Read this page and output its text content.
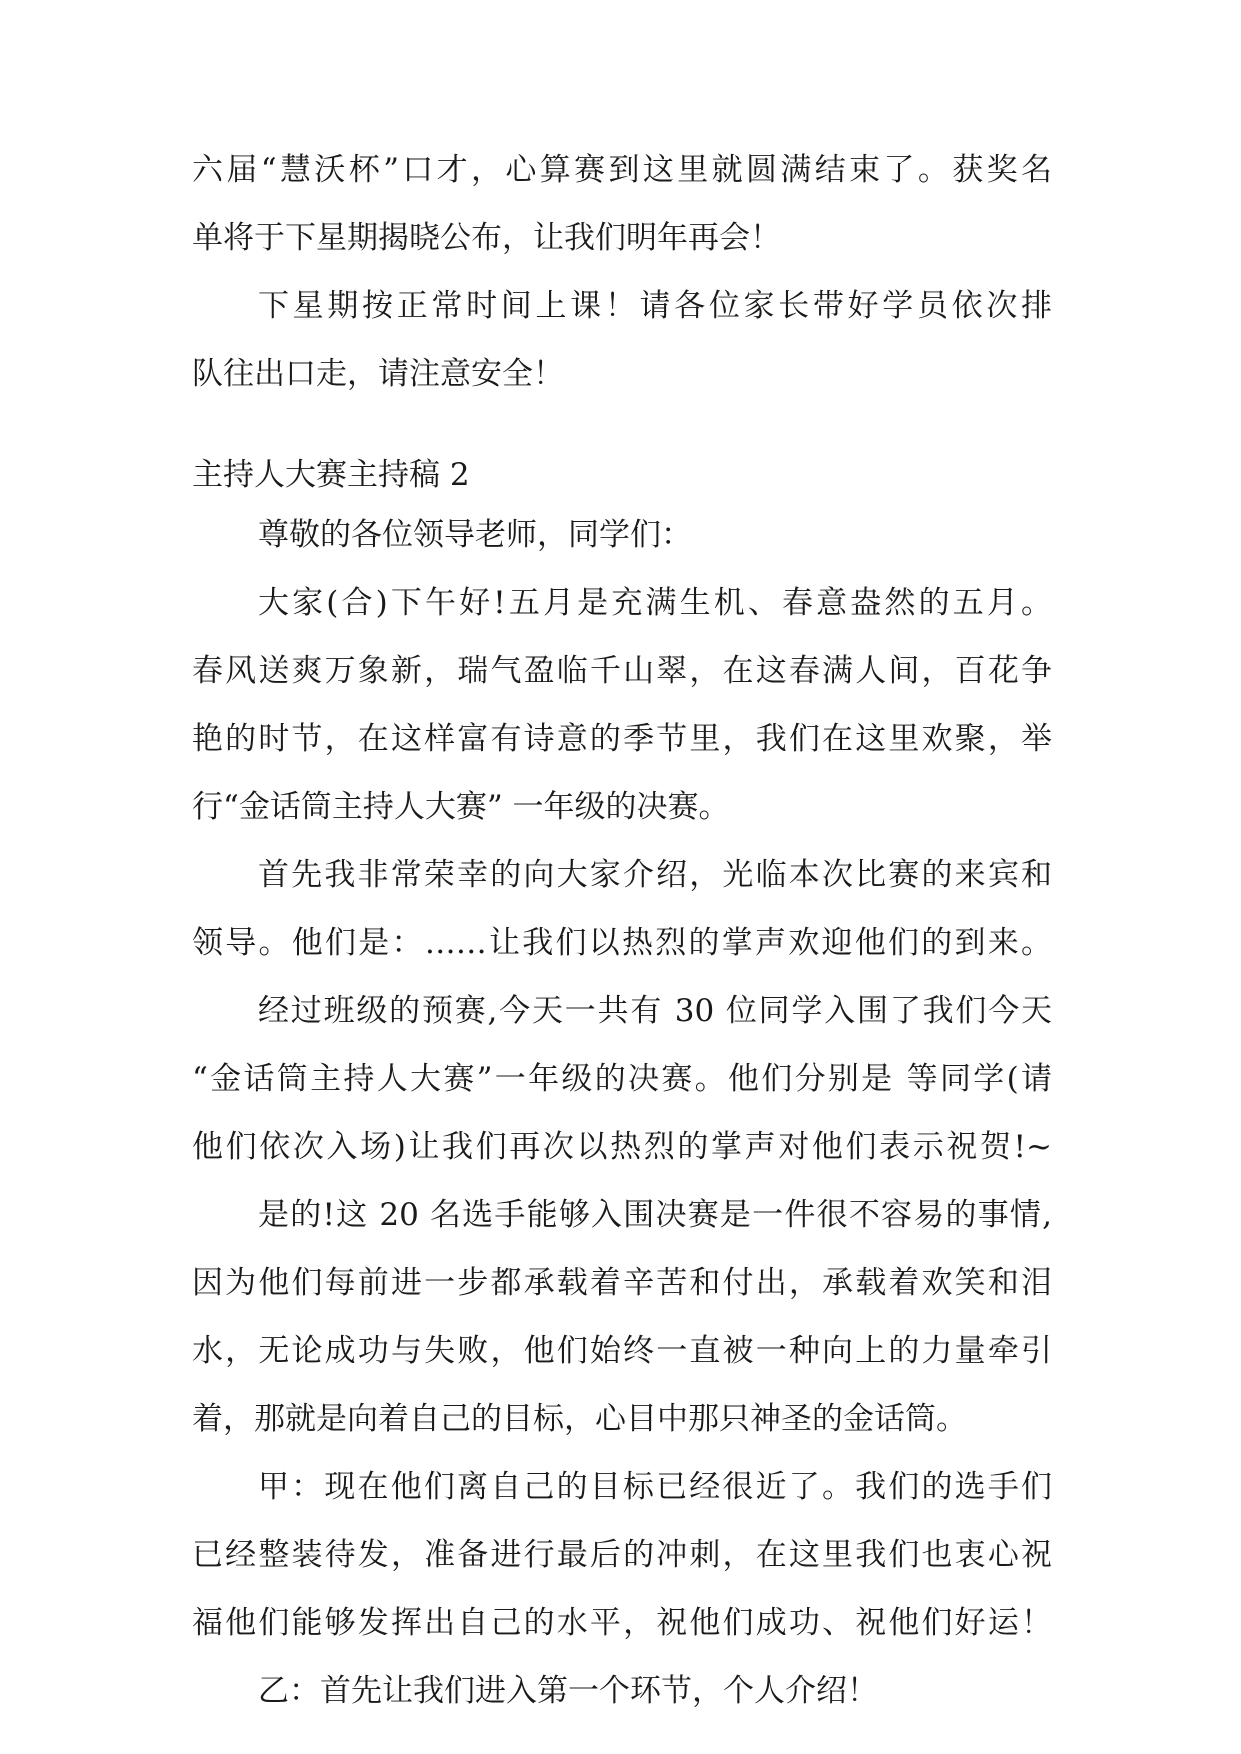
六届“慧沃杯”口才，心算赛到这里就圆满结束了。获奖名
单将于下星期揭晓公布，让我们明年再会！
下星期按正常时间上课！请各位家长带好学员依次排
队往出口走，请注意安全！
主持人大赛主持稿 2
尊敬的各位领导老师，同学们：
大家(合)下午好!五月是充满生机、春意盎然的五月。
春风送爽万象新，瑞气盈临千山翠，在这春满人间，百花争
艳的时节，在这样富有诗意的季节里，我们在这里欢聚，举
行“金话筒主持人大赛” 一年级的决赛。
首先我非常荣幸的向大家介绍，光临本次比赛的来宾和
领导。他们是：……让我们以热烈的掌声欢迎他们的到来。
经过班级的预赛,今天一共有 30 位同学入围了我们今天
“金话筒主持人大赛”一年级的决赛。他们分别是 等同学(请
他们依次入场)让我们再次以热烈的掌声对他们表示祝贺!~
是的!这 20 名选手能够入围决赛是一件很不容易的事情,
因为他们每前进一步都承载着辛苦和付出，承载着欢笑和泪
水，无论成功与失败，他们始终一直被一种向上的力量牵引
着，那就是向着自己的目标，心目中那只神圣的金话筒。
甲：现在他们离自己的目标已经很近了。我们的选手们
已经整装待发，准备进行最后的冲刺，在这里我们也衷心祝
福他们能够发挥出自己的水平，祝他们成功、祝他们好运！
乙：首先让我们进入第一个环节，个人介绍！
